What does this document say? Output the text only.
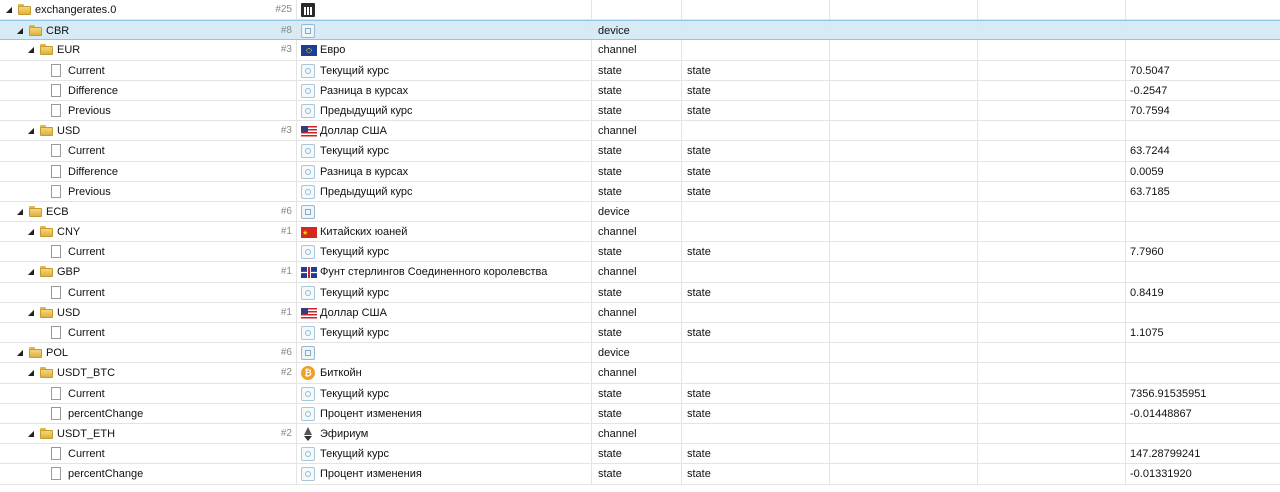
◢ exchangerates.0	#25
◢ CBR	#8	device
◢ EUR	#3	Евро	channel
Current	Текущий курс	state	state	70.5047
Difference	Разница в курсах	state	state	-0.2547
Previous	Предыдущий курс	state	state	70.7594
◢ USD	#3	Доллар США	channel
Current	Текущий курс	state	state	63.7244
Difference	Разница в курсах	state	state	0.0059
Previous	Предыдущий курс	state	state	63.7185
◢ ECB	#6	device
◢ CNY	#1
★	Китайских юаней	channel
Current	Текущий курс	state	state	7.7960
◢ GBP	#1	Фунт стерлингов Соединенного королевства	channel
Current	Текущий курс	state	state	0.8419
◢ USD	#1	Доллар США	channel
Current	Текущий курс	state	state	1.1075
◢ POL	#6	device
◢ USDT_BTC	#2	₿ Биткойн	channel
Current	Текущий курс	state	state	7356.91535951
percentChange	Процент изменения	state	state	-0.01448867
◢ USDT_ETH	#2	Эфириум	channel
Current	Текущий курс	state	state	147.28799241
percentChange	Процент изменения	state	state	-0.01331920
